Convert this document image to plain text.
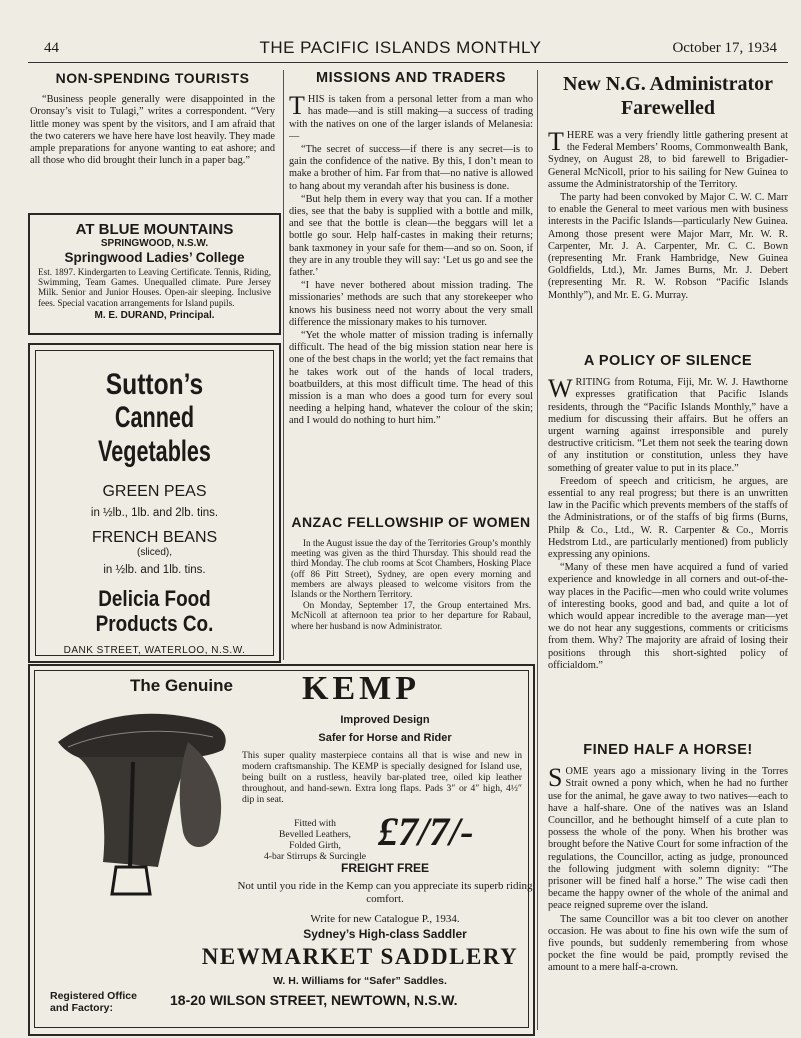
44	THE PACIFIC ISLANDS MONTHLY	October 17, 1934
NON-SPENDING TOURISTS

“Business people generally were disappointed in the Oronsay’s visit to Tulagi,” writes a correspondent. “Very little money was spent by the visitors, and I am afraid that the two caterers we have here have lost heavily. They made ample preparations for anyone wanting to eat ashore; and all those who did brought their lunch in a paper bag.”

AT BLUE MOUNTAINS
SPRINGWOOD, N.S.W.
Springwood Ladies’ College
Est. 1897. Kindergarten to Leaving Certificate. Tennis, Riding, Swimming, Team Games. Unequalled climate. Pure Jersey Milk. Senior and Junior Houses. Open-air sleeping. Inclusive fees. Special vacation arrangements for Island pupils.
M. E. DURAND, Principal.
Sutton’s
Canned Vegetables
GREEN PEAS
in ½lb., 1lb. and 2lb. tins.
FRENCH BEANS
(sliced),
in ½lb. and 1lb. tins.
Delicia Food Products Co.
DANK STREET, WATERLOO, N.S.W.
MISSIONS AND TRADERS

THIS is taken from a personal letter from a man who has made—and is still making—a success of trading with the natives on one of the larger islands of Melanesia:—

“The secret of success—if there is any secret—is to gain the confidence of the native. By this, I don’t mean to make a brother of him. Far from that—no native is allowed to hang about my verandah after his business is done.

“But help them in every way that you can. If a mother dies, see that the baby is supplied with a bottle and milk, and see that the bottle is clean—the beggars will let a bottle go sour. Help half-castes in making their returns; bank taxmoney in your safe for them—and so on. Soon, if they are in any trouble they will say: ‘Let us go and see the father.’

“I have never bothered about mission trading. The missionaries’ methods are such that any storekeeper who knows his business need not worry about the very small difference the missionary makes to his turnover.

“Yet the whole matter of mission trading is infernally difficult. The head of the big mission station near here is one of the best chaps in the world; yet the fact remains that he takes work out of the hands of local traders, boatbuilders, at this most difficult time. The head of this mission is a man who does a good turn for every soul needing a helping hand, whatever the colour of the skin; and I would do nothing to hurt him.”

ANZAC FELLOWSHIP OF WOMEN

In the August issue the day of the Territories Group’s monthly meeting was given as the third Thursday. This should read the third Monday. The club rooms at Scot Chambers, Hosking Place (off 86 Pitt Street), Sydney, are open every morning and members are always pleased to welcome visitors from the Islands or the Northern Territory.

On Monday, September 17, the Group entertained Mrs. McNicoll at afternoon tea prior to her departure for Rabaul, where her husband is now Administrator.

New N.G. Administrator Farewelled

THERE was a very friendly little gathering present at the Federal Members’ Rooms, Commonwealth Bank, Sydney, on August 28, to bid farewell to Brigadier-General McNicoll, prior to his sailing for New Guinea to assume the Administratorship of the Territory.

The party had been convoked by Major C. W. C. Marr to enable the General to meet various men with business interests in the Pacific Islands—particularly New Guinea. Among those present were Major Marr, Mr. W. R. Carpenter, Mr. J. A. Carpenter, Mr. C. C. Bown (representing Mr. Frank Hambridge, New Guinea Goldfields, Ltd.), Mr. James Burns, Mr. J. Debert (representing Mr. R. W. Robson “Pacific Islands Monthly”), and Mr. E. G. Murray.

A POLICY OF SILENCE

WRITING from Rotuma, Fiji, Mr. W. J. Hawthorne expresses gratification that Pacific Islands residents, through the “Pacific Islands Monthly,” have a medium for discussing their affairs. But he offers an urgent warning against irresponsible and purely destructive criticism. “Let them not seek the tearing down of any institution or constitution, unless they have something of greater value to put in its place.”

Freedom of speech and criticism, he argues, are essential to any real progress; but there is an unwritten law in the Pacific which prevents members of the staffs of the Administrations, or of the staffs of big firms (Burns, Philp & Co., Ltd., W. R. Carpenter & Co., Morris Hedstrom Ltd., are particularly mentioned) from publicly expressing any opinions.

“Many of these men have acquired a fund of varied experience and knowledge in all corners and out-of-the-way places in the Pacific—men who could write volumes of interesting books, good and bad, and quite a lot of which would appear incredible to the average man—yet we do not hear any suggestions, comments or criticisms from them. Why? The majority are afraid of losing their positions through this short-sighted policy of officialdom.”

FINED HALF A HORSE!

SOME years ago a missionary living in the Torres Strait owned a pony which, when he had no further use for the animal, he gave away to two natives—each to have a half-share. One of the natives was an Island Councillor, and he bethought himself of a cute plan to possess the whole of the pony. When his brother was brought before the Native Court for some infraction of the regulations, the Councillor, acting as judge, pronounced the following judgment with solemn dignity: “The prisoner will be fined half a horse.” The wise cadi then became the happy owner of the whole of the animal and peace reigned supreme over the island.

The same Councillor was a bit too clever on another occasion. He was about to fine his own wife the sum of five pounds, but suddenly remembering from whose pocket the fine would be paid, promptly revised the amount to a mere half-a-crown.

The Genuine KEMP
Improved Design
Safer for Horse and Rider
This super quality masterpiece contains all that is wise and new in modern craftsmanship. The KEMP is specially designed for Island use, being built on a rustless, heavily bar-plated tree, oiled kip leather throughout, and hand-sewn. Extra long flaps. Pads 3″ or 4″ high, 4½″ dip in seat.
Fitted with
Bevelled Leathers,
Folded Girth,
4-bar Stirrups & Surcingle
£7/7/-
FREIGHT FREE
Not until you ride in the Kemp can you appreciate its superb riding comfort.
Write for new Catalogue P., 1934.
Sydney’s High-class Saddler
NEWMARKET SADDLERY
W. H. Williams for “Safer” Saddles.
Registered Office and Factory:	18-20 WILSON STREET, NEWTOWN, N.S.W.
